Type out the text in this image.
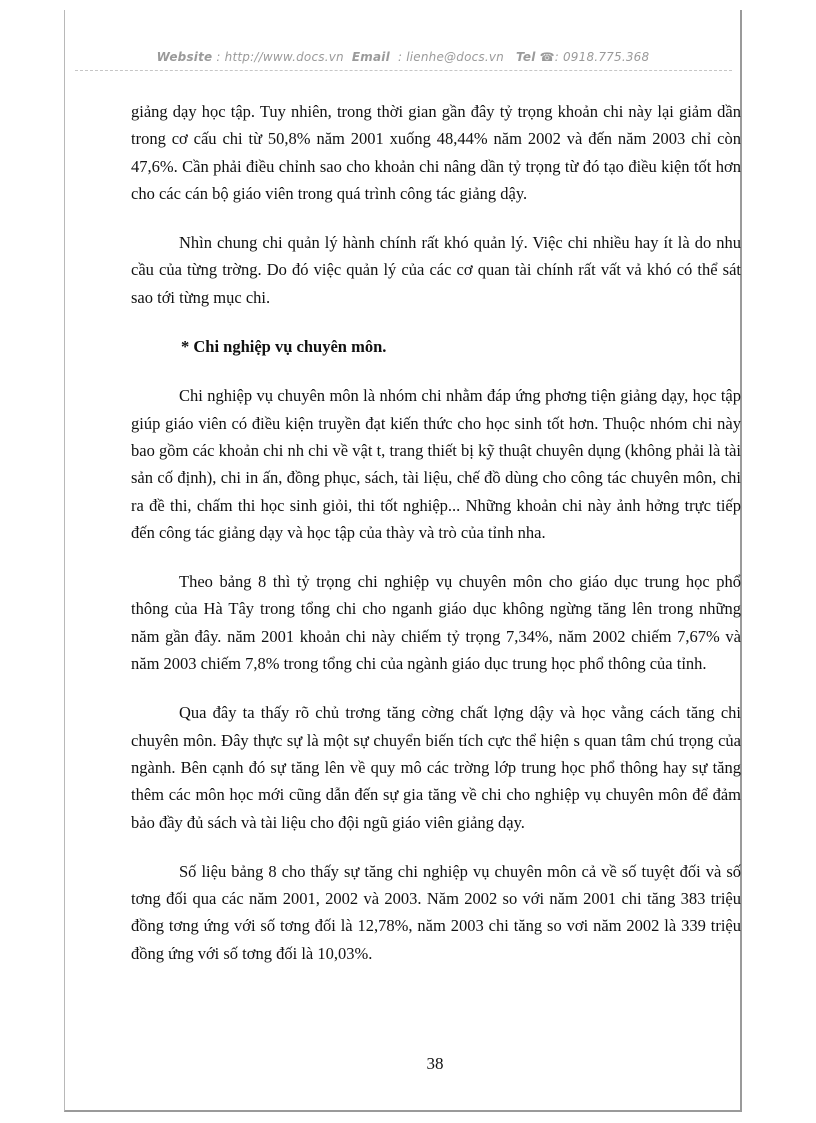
Website : http://www.docs.vn Email : lienhe@docs.vn Tel ☎: 0918.775.368

giảng dạy học tập. Tuy nhiên, trong thời gian gần đây tỷ trọng khoản chi này lại giảm dần trong cơ cấu chi từ 50,8% năm 2001 xuống 48,44% năm 2002 và đến năm 2003 chỉ còn 47,6%. Cần phải điều chỉnh sao cho khoản chi nâng dần tỷ trọng từ đó tạo điều kiện tốt hơn cho các cán bộ giáo viên trong quá trình công tác giảng dậy.

Nhìn chung chi quản lý hành chính rất khó quản lý. Việc chi nhiều hay ít là do nhu cầu của từng trờng. Do đó việc quản lý của các cơ quan tài chính rất vất vả khó có thể sát sao tới từng mục chi.

* Chi nghiệp vụ chuyên môn.

Chi nghiệp vụ chuyên môn là nhóm chi nhằm đáp ứng phơng tiện giảng dạy, học tập giúp giáo viên có điều kiện truyền đạt kiến thức cho học sinh tốt hơn. Thuộc nhóm chi này bao gồm các khoản chi nh chi về vật t, trang thiết bị kỹ thuật chuyên dụng (không phải là tài sản cố định), chi in ấn, đồng phục, sách, tài liệu, chế đồ dùng cho công tác chuyên môn, chi ra đề thi, chấm thi học sinh giỏi, thi tốt nghiệp... Những khoản chi này ảnh hởng trực tiếp đến công tác giảng dạy và học tập của thày và trò của tỉnh nha.

Theo bảng 8 thì tỷ trọng chi nghiệp vụ chuyên môn cho giáo dục trung học phổ thông của Hà Tây trong tổng chi cho nganh giáo dục không ngừng tăng lên trong những năm gần đây. năm 2001 khoản chi này chiếm tỷ trọng 7,34%, năm 2002 chiếm 7,67% và năm 2003 chiếm 7,8% trong tổng chi của ngành giáo dục trung học phổ thông của tỉnh.

Qua đây ta thấy rõ chủ trơng tăng cờng chất lợng dậy và học vằng cách tăng chi chuyên môn. Đây thực sự là một sự chuyển biến tích cực thể hiện s quan tâm chú trọng của ngành. Bên cạnh đó sự tăng lên về quy mô các trờng lớp trung học phổ thông hay sự tăng thêm các môn học mới cũng dẫn đến sự gia tăng về chi cho nghiệp vụ chuyên môn để đảm bảo đầy đủ sách và tài liệu cho đội ngũ giáo viên giảng dạy.

Số liệu bảng 8 cho thấy sự tăng chi nghiệp vụ chuyên môn cả về số tuyệt đối và số tơng đối qua các năm 2001, 2002 và 2003. Năm 2002 so với năm 2001 chi tăng 383 triệu đồng tơng ứng với số tơng đối là 12,78%, năm 2003 chi tăng so vơi năm 2002 là 339 triệu đồng ứng với số tơng đối là 10,03%.

38
